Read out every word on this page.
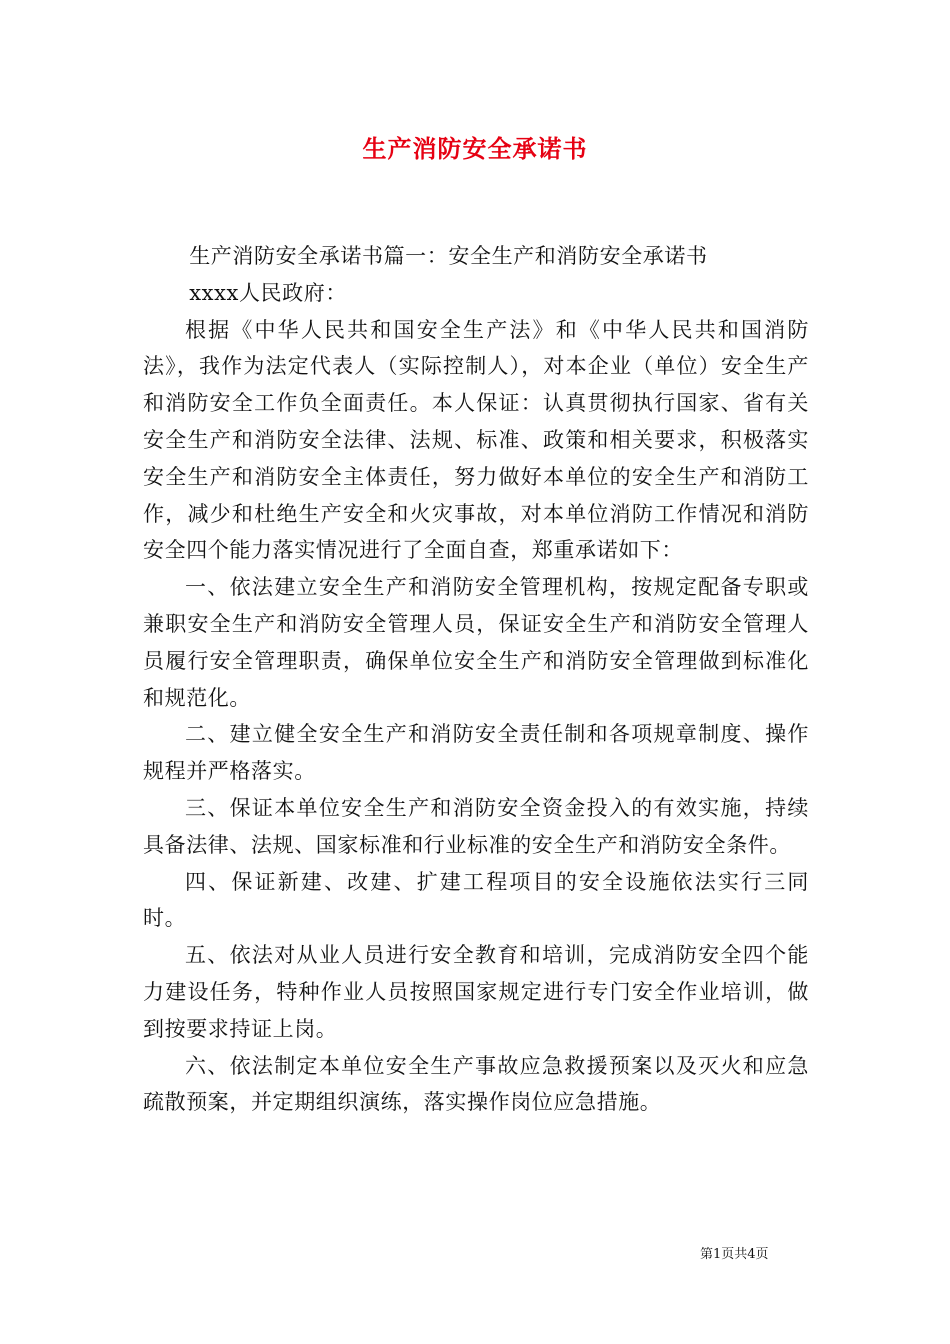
生产消防安全承诺书

生产消防安全承诺书篇一：安全生产和消防安全承诺书

xxxx人民政府：

根据《中华人民共和国安全生产法》和《中华人民共和国消防法》，我作为法定代表人（实际控制人），对本企业（单位）安全生产和消防安全工作负全面责任。本人保证：认真贯彻执行国家、省有关安全生产和消防安全法律、法规、标准、政策和相关要求，积极落实安全生产和消防安全主体责任，努力做好本单位的安全生产和消防工作，减少和杜绝生产安全和火灾事故，对本单位消防工作情况和消防安全四个能力落实情况进行了全面自查，郑重承诺如下：

一、依法建立安全生产和消防安全管理机构，按规定配备专职或兼职安全生产和消防安全管理人员，保证安全生产和消防安全管理人员履行安全管理职责，确保单位安全生产和消防安全管理做到标准化和规范化。

二、建立健全安全生产和消防安全责任制和各项规章制度、操作规程并严格落实。

三、保证本单位安全生产和消防安全资金投入的有效实施，持续具备法律、法规、国家标准和行业标准的安全生产和消防安全条件。

四、保证新建、改建、扩建工程项目的安全设施依法实行三同时。

五、依法对从业人员进行安全教育和培训，完成消防安全四个能力建设任务，特种作业人员按照国家规定进行专门安全作业培训，做到按要求持证上岗。

六、依法制定本单位安全生产事故应急救援预案以及灭火和应急疏散预案，并定期组织演练，落实操作岗位应急措施。

第1页共4页
